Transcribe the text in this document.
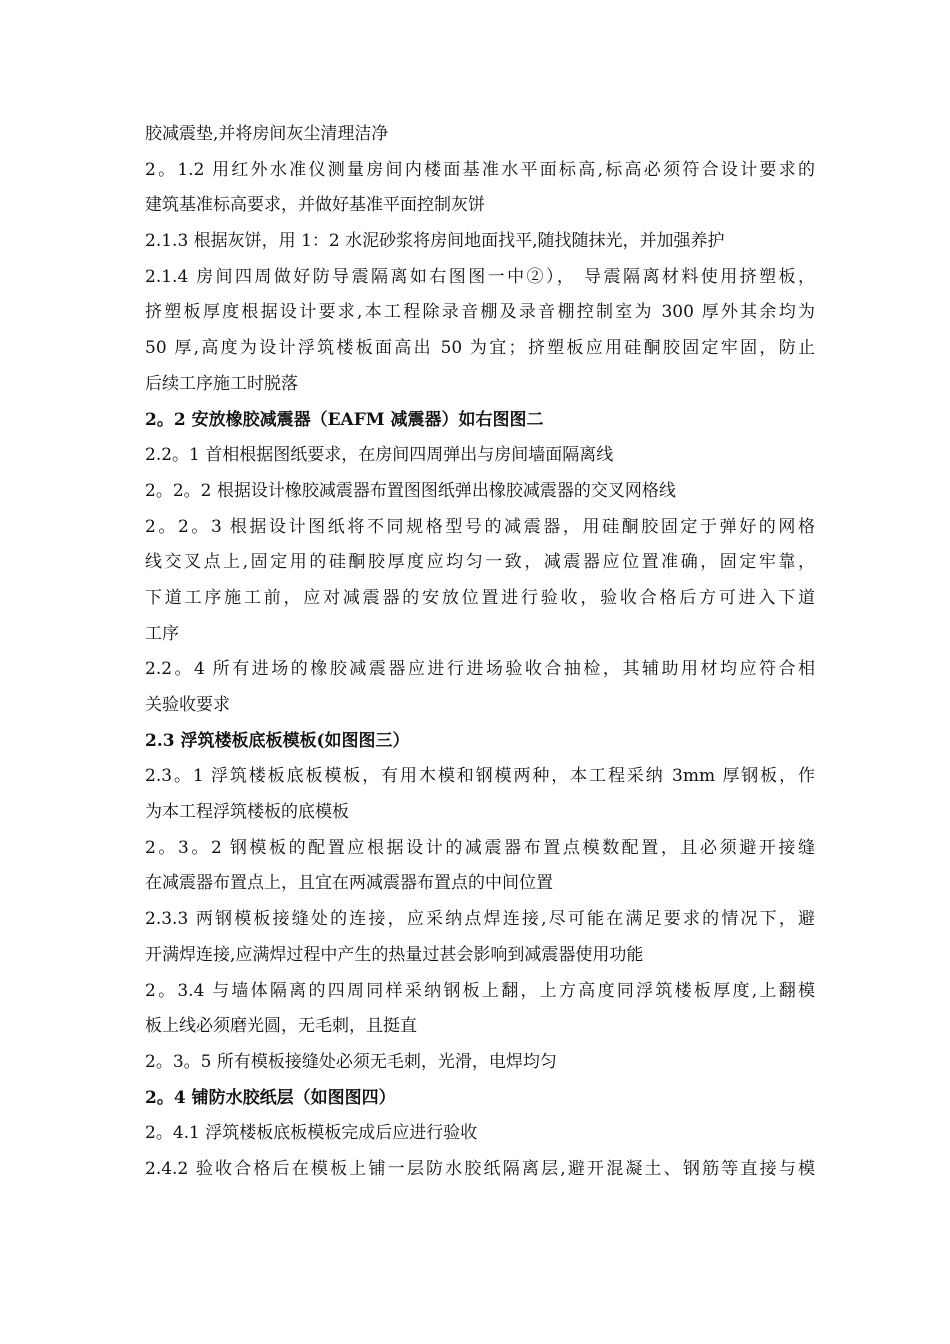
胶减震垫,并将房间灰尘清理洁净
2。1.2 用红外水准仪测量房间内楼面基准水平面标高,标高必须符合设计要求的
建筑基准标高要求，并做好基准平面控制灰饼
2.1.3 根据灰饼，用 1：2 水泥砂浆将房间地面找平,随找随抹光，并加强养护
2.1.4 房间四周做好防导震隔离如右图图一中②）， 导震隔离材料使用挤塑板，
挤塑板厚度根据设计要求,本工程除录音棚及录音棚控制室为 300 厚外其余均为
50 厚,高度为设计浮筑楼板面高出 50 为宜；挤塑板应用硅酮胶固定牢固，防止
后续工序施工时脱落
2。2 安放橡胶减震器（EAFM 减震器）如右图图二
2.2。1 首相根据图纸要求，在房间四周弹出与房间墙面隔离线
2。2。2 根据设计橡胶减震器布置图图纸弹出橡胶减震器的交叉网格线
2。2。3 根据设计图纸将不同规格型号的减震器，用硅酮胶固定于弹好的网格
线交叉点上,固定用的硅酮胶厚度应均匀一致，减震器应位置准确，固定牢靠，
下道工序施工前，应对减震器的安放位置进行验收，验收合格后方可进入下道
工序
2.2。4 所有进场的橡胶减震器应进行进场验收合抽检，其辅助用材均应符合相
关验收要求
2.3 浮筑楼板底板模板(如图图三）
2.3。1 浮筑楼板底板模板，有用木模和钢模两种，本工程采纳 3mm 厚钢板，作
为本工程浮筑楼板的底模板
2。3。2 钢模板的配置应根据设计的减震器布置点模数配置，且必须避开接缝
在减震器布置点上，且宜在两减震器布置点的中间位置
2.3.3 两钢模板接缝处的连接，应采纳点焊连接,尽可能在满足要求的情况下，避
开满焊连接,应满焊过程中产生的热量过甚会影响到减震器使用功能
2。3.4 与墙体隔离的四周同样采纳钢板上翻，上方高度同浮筑楼板厚度,上翻模
板上线必须磨光圆，无毛刺，且挺直
2。3。5 所有模板接缝处必须无毛刺，光滑，电焊均匀
2。4 铺防水胶纸层（如图图四）
2。4.1 浮筑楼板底板模板完成后应进行验收
2.4.2 验收合格后在模板上铺一层防水胶纸隔离层,避开混凝土、钢筋等直接与模
